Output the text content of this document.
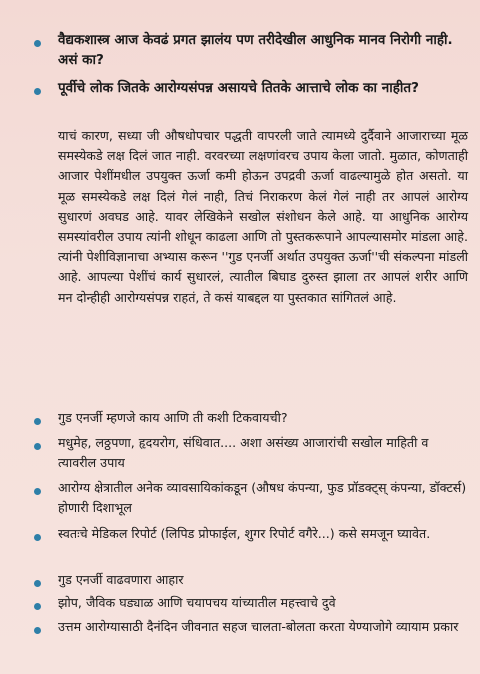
वैद्यकशास्त्र आज केवढं प्रगत झालंय पण तरीदेखील आधुनिक मानव निरोगी नाही. असं का?
पूर्वीचे लोक जितके आरोग्यसंपन्न असायचे तितके आत्ताचे लोक का नाहीत?
याचं कारण, सध्या जी औषधोपचार पद्धती वापरली जाते त्यामध्ये दुर्दैवाने आजाराच्या मूळ समस्येकडे लक्ष दिलं जात नाही. वरवरच्या लक्षणांवरच उपाय केला जातो. मुळात, कोणताही आजार पेशींमधील उपयुक्त ऊर्जा कमी होऊन उपद्रवी ऊर्जा वाढल्यामुळे होत असतो. या मूळ समस्येकडे लक्ष दिलं गेलं नाही, तिचं निराकरण केलं गेलं नाही तर आपलं आरोग्य सुधारणं अवघड आहे. यावर लेखिकेने सखोल संशोधन केले आहे. या आधुनिक आरोग्य समस्यांवरील उपाय त्यांनी शोधून काढला आणि तो पुस्तकरूपाने आपल्यासमोर मांडला आहे. त्यांनी पेशीविज्ञानाचा अभ्यास करून ''गुड एनर्जी अर्थात उपयुक्त ऊर्जा''ची संकल्पना मांडली आहे. आपल्या पेशींचं कार्य सुधारलं, त्यातील बिघाड दुरुस्त झाला तर आपलं शरीर आणि मन दोन्हीही आरोग्यसंपन्न राहतं, ते कसं याबद्दल या पुस्तकात सांगितलं आहे.
गुड एनर्जी म्हणजे काय आणि ती कशी टिकवायची?
मधुमेह, लठ्ठपणा, हृदयरोग, संधिवात.... अशा असंख्य आजारांची सखोल माहिती व त्यावरील उपाय
आरोग्य क्षेत्रातील अनेक व्यावसायिकांकडून (औषध कंपन्या, फुड प्रॉडक्ट्स् कंपन्या, डॉक्टर्स) होणारी दिशाभूल
स्वतःचे मेडिकल रिपोर्ट (लिपिड प्रोफाईल, शुगर रिपोर्ट वगैरे...) कसे समजून घ्यावेत.
गुड एनर्जी वाढवणारा आहार
झोप, जैविक घड्याळ आणि चयापचय यांच्यातील महत्त्वाचे दुवे
उत्तम आरोग्यासाठी दैनंदिन जीवनात सहज चालता-बोलता करता येण्याजोगे व्यायाम प्रकार
